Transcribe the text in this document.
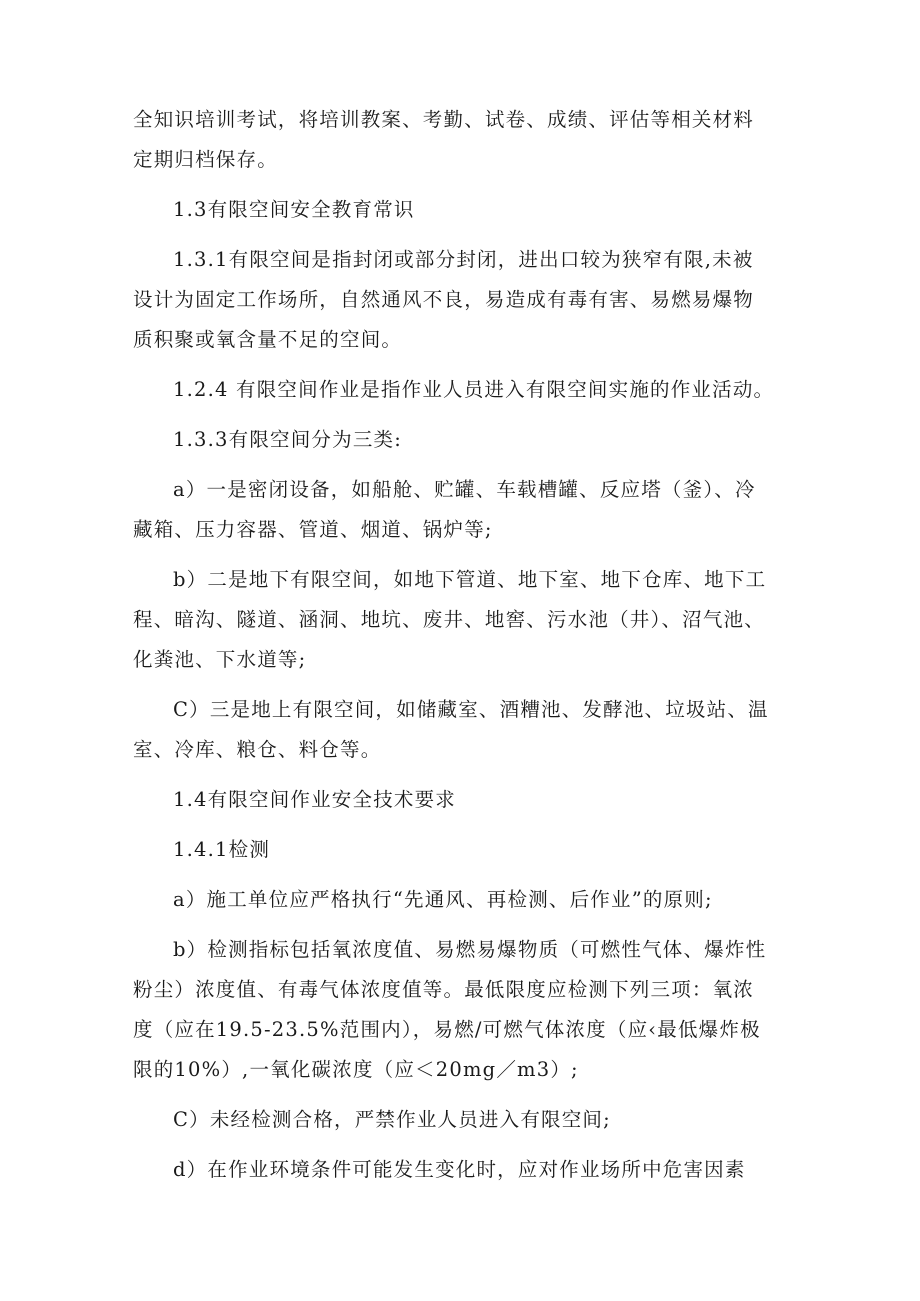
全知识培训考试，将培训教案、考勤、试卷、成绩、评估等相关材料
定期归档保存。

1.3有限空间安全教育常识

1.3.1有限空间是指封闭或部分封闭，进出口较为狭窄有限,未被
设计为固定工作场所，自然通风不良，易造成有毒有害、易燃易爆物
质积聚或氧含量不足的空间。

1.2.4 有限空间作业是指作业人员进入有限空间实施的作业活动。

1.3.3有限空间分为三类:

a）一是密闭设备，如船舱、贮罐、车载槽罐、反应塔（釜）、冷
藏箱、压力容器、管道、烟道、锅炉等;

b）二是地下有限空间，如地下管道、地下室、地下仓库、地下工
程、暗沟、隧道、涵洞、地坑、废井、地窖、污水池（井）、沼气池、
化粪池、下水道等;

C）三是地上有限空间，如储藏室、酒糟池、发酵池、垃圾站、温
室、冷库、粮仓、料仓等。

1.4有限空间作业安全技术要求

1.4.1检测

a）施工单位应严格执行“先通风、再检测、后作业”的原则;

b）检测指标包括氧浓度值、易燃易爆物质（可燃性气体、爆炸性
粉尘）浓度值、有毒气体浓度值等。最低限度应检测下列三项：氧浓
度（应在19.5-23.5%范围内），易燃/可燃气体浓度（应‹最低爆炸极
限的10%）,一氧化碳浓度（应＜20mg／m3）;

C）未经检测合格，严禁作业人员进入有限空间;

d）在作业环境条件可能发生变化时，应对作业场所中危害因素
